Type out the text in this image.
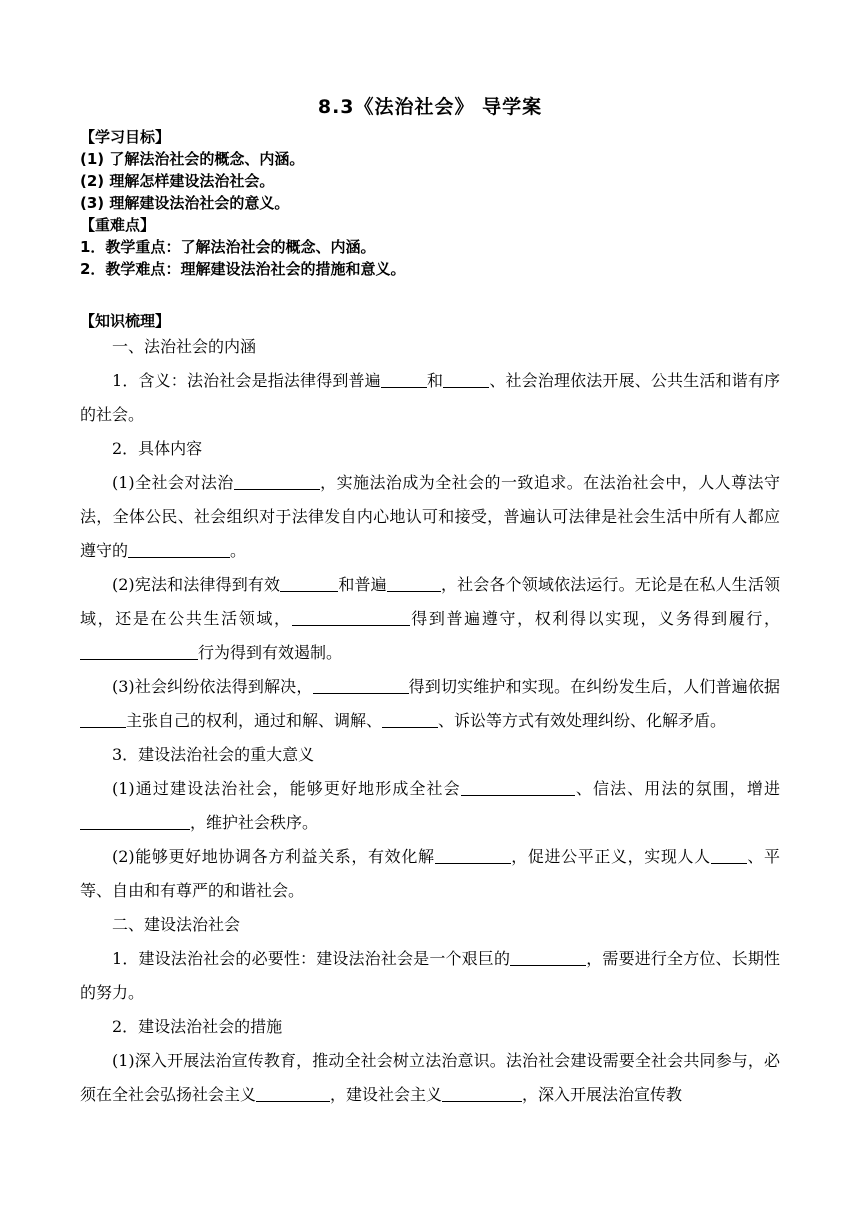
8.3《法治社会》 导学案
【学习目标】
(1) 了解法治社会的概念、内涵。
(2) 理解怎样建设法治社会。
(3) 理解建设法治社会的意义。
【重难点】
1．教学重点：了解法治社会的概念、内涵。
2．教学难点：理解建设法治社会的措施和意义。
【知识梳理】

一、法治社会的内涵

1．含义：法治社会是指法律得到普遍	和	、社会治理依法开展、公共生活和谐有序的社会。

2．具体内容

(1)全社会对法治	，实施法治成为全社会的一致追求。在法治社会中，人人尊法守法，全体公民、社会组织对于法律发自内心地认可和接受，普遍认可法律是社会生活中所有人都应遵守的	。

(2)宪法和法律得到有效	和普遍	，社会各个领域依法运行。无论是在私人生活领域，还是在公共生活领域，	得到普遍遵守，权利得以实现，义务得到履行，行为得到有效遏制。

(3)社会纠纷依法得到解决，	得到切实维护和实现。在纠纷发生后，人们普遍依据主张自己的权利，通过和解、调解、	、诉讼等方式有效处理纠纷、化解矛盾。

3．建设法治社会的重大意义

(1)通过建设法治社会，能够更好地形成全社会	、信法、用法的氛围，增进，维护社会秩序。

(2)能够更好地协调各方利益关系，有效化解	，促进公平正义，实现人人 、平等、自由和有尊严的和谐社会。

二、建设法治社会

1．建设法治社会的必要性：建设法治社会是一个艰巨的	，需要进行全方位、长期性的努力。

2．建设法治社会的措施

(1)深入开展法治宣传教育，推动全社会树立法治意识。法治社会建设需要全社会共同参与，必须在全社会弘扬社会主义	，建设社会主义	，深入开展法治宣传教
